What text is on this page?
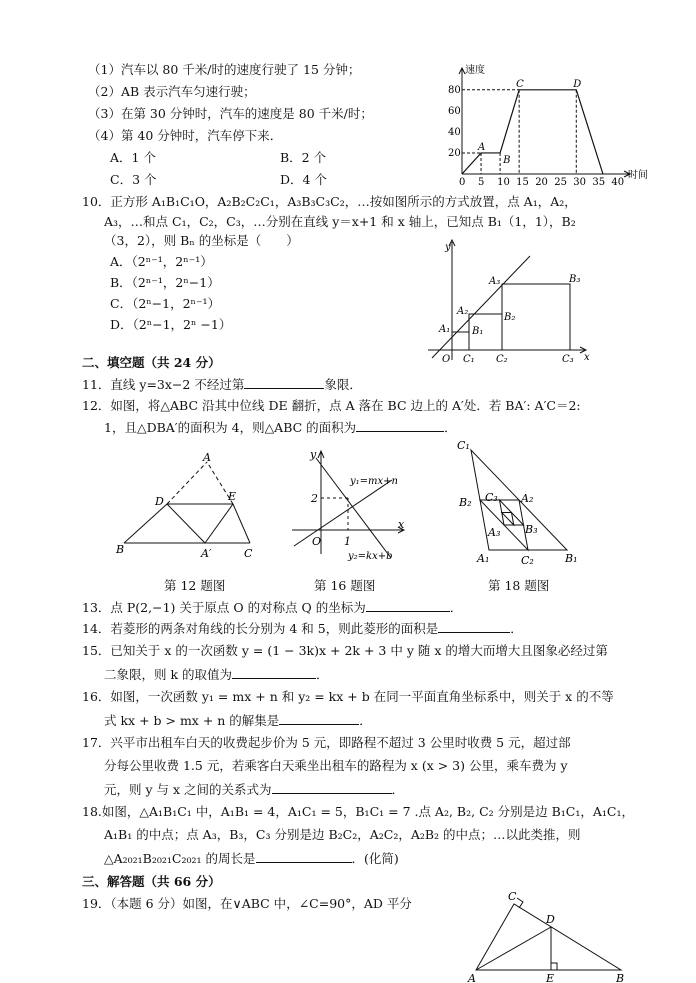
（1）汽车以 80 千米/时的速度行驶了 15 分钟；
（2）AB 表示汽车匀速行驶；
（3）在第 30 分钟时，汽车的速度是 80 千米/时；
（4）第 40 分钟时，汽车停下来．
A．1 个	B．2 个
C．3 个	D．4 个
速度
时间
0 5 10 15 20 25 30 35 40
20
40
60
80
A
B
C	D
10．正方形 A₁B₁C₁O，A₂B₂C₂C₁，A₃B₃C₃C₂，…按如图所示的方式放置，点 A₁，A₂，
A₃，…和点 C₁，C₂，C₃，…分别在直线 y＝x+1 和 x 轴上，已知点 B₁（1，1），B₂
（3，2），则 Bₙ 的坐标是（　　）
A．（2ⁿ⁻¹，2ⁿ⁻¹）
B．（2ⁿ⁻¹，2ⁿ−1）
C．（2ⁿ−1，2ⁿ⁻¹）
D．（2ⁿ−1，2ⁿ −1）
y
x
O
A₁
A₂
A₃
B₁
B₂
B₃
C₁ C₂	C₃
二、填空题（共 24 分）
11．直线 y=3x−2 不经过第	象限．
12．如图，将△ABC 沿其中位线 DE 翻折，点 A 落在 BC 边上的 A′处．若 BA′: A′C＝2:
1，且△DBA′的面积为 4，则△ABC 的面积为	．
A
B	C
D	E
A′
y
x
O 1
2
y₁=mx+n
y₂=kx+b
C₁
A₁	B₁
A₂
B₂
C₂
A₃ B₃
C₃
第 12 题图	第 16 题图	第 18 题图
13．点 P(2,−1) 关于原点 O 的对称点 Q 的坐标为	．
14．若菱形的两条对角线的长分别为 4 和 5，则此菱形的面积是	．
15．已知关于 x 的一次函数 y = (1 − 3k)x + 2k + 3 中 y 随 x 的增大而增大且图象必经过第
二象限，则 k 的取值为	．
16．如图，一次函数 y₁ = mx + n 和 y₂ = kx + b 在同一平面直角坐标系中，则关于 x 的不等
式 kx + b > mx + n 的解集是	．
17．兴平市出租车白天的收费起步价为 5 元，即路程不超过 3 公里时收费 5 元，超过部
分每公里收费 1.5 元，若乘客白天乘坐出租车的路程为 x (x > 3) 公里，乘车费为 y
元，则 y 与 x 之间的关系式为	．
18.如图，△A₁B₁C₁ 中，A₁B₁ = 4，A₁C₁ = 5，B₁C₁ = 7 .点 A₂, B₂, C₂ 分别是边 B₁C₁，A₁C₁，
A₁B₁ 的中点；点 A₃，B₃，C₃ 分别是边 B₂C₂，A₂C₂，A₂B₂ 的中点；…以此类推，则
△A₂₀₂₁B₂₀₂₁C₂₀₂₁ 的周长是	．(化简)
三、解答题（共 66 分）
19．（本题 6 分）如图，在∨ABC 中，∠C=90°，AD 平分	C
D
A	E	B
